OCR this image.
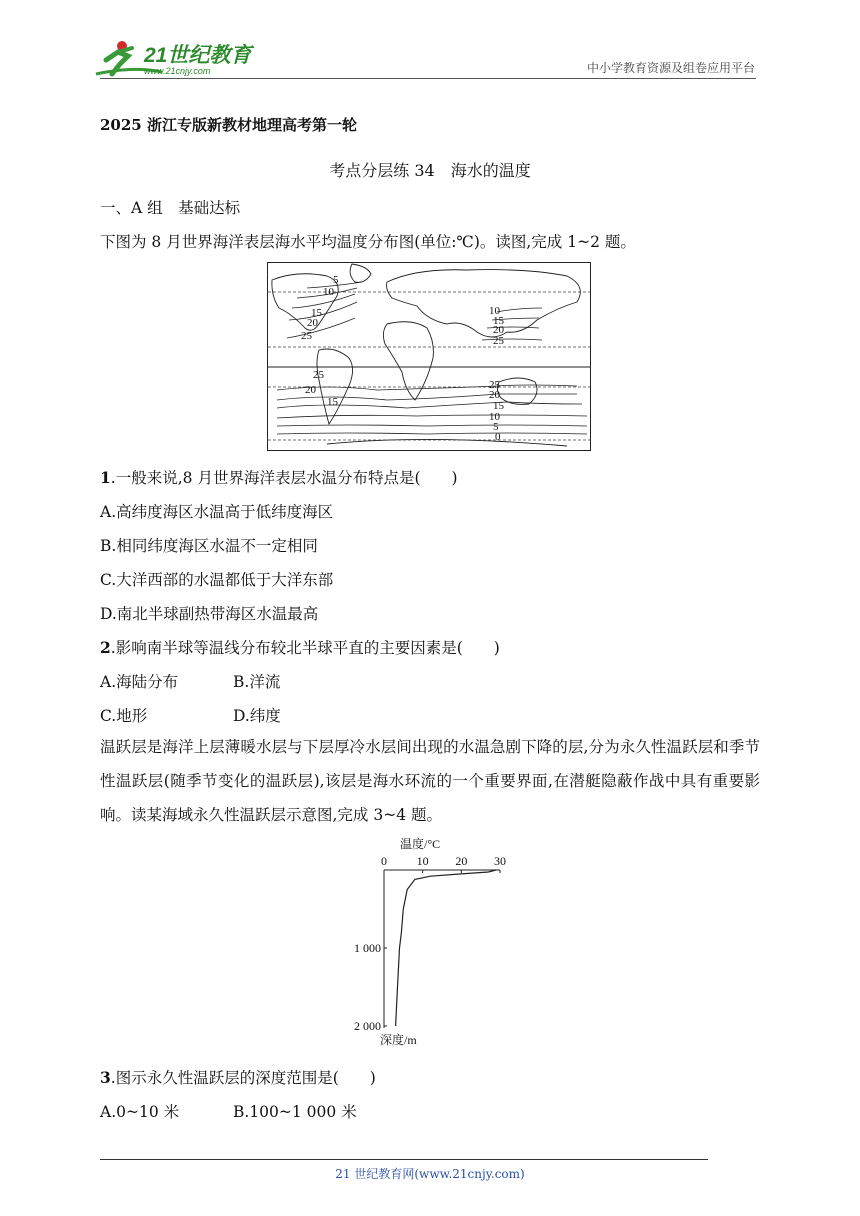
21世纪教育
www.21cnjy.com	中小学教育资源及组卷应用平台
2025 浙江专版新教材地理高考第一轮
考点分层练 34　海水的温度
一、A 组　基础达标
下图为 8 月世界海洋表层海水平均温度分布图(单位:℃)。读图,完成 1~2 题。
5
10
15
20
25
10
15
20
25
25
20
15
25
20
15
10
5
0
1.一般来说,8 月世界海洋表层水温分布特点是(　　)
A.高纬度海区水温高于低纬度海区
B.相同纬度海区水温不一定相同
C.大洋西部的水温都低于大洋东部
D.南北半球副热带海区水温最高
2.影响南半球等温线分布较北半球平直的主要因素是(　　)
A.海陆分布	B.洋流
C.地形	D.纬度
温跃层是海洋上层薄暖水层与下层厚冷水层间出现的水温急剧下降的层,分为永久性温跃层和季节性温跃层(随季节变化的温跃层),该层是海水环流的一个重要界面,在潜艇隐蔽作战中具有重要影响。读某海域永久性温跃层示意图,完成 3~4 题。
温度/°C
0 10 20 30
1 000
2 000
深度/m
3.图示永久性温跃层的深度范围是(　　)
A.0~10 米	B.100~1 000 米
21 世纪教育网(www.21cnjy.com)
